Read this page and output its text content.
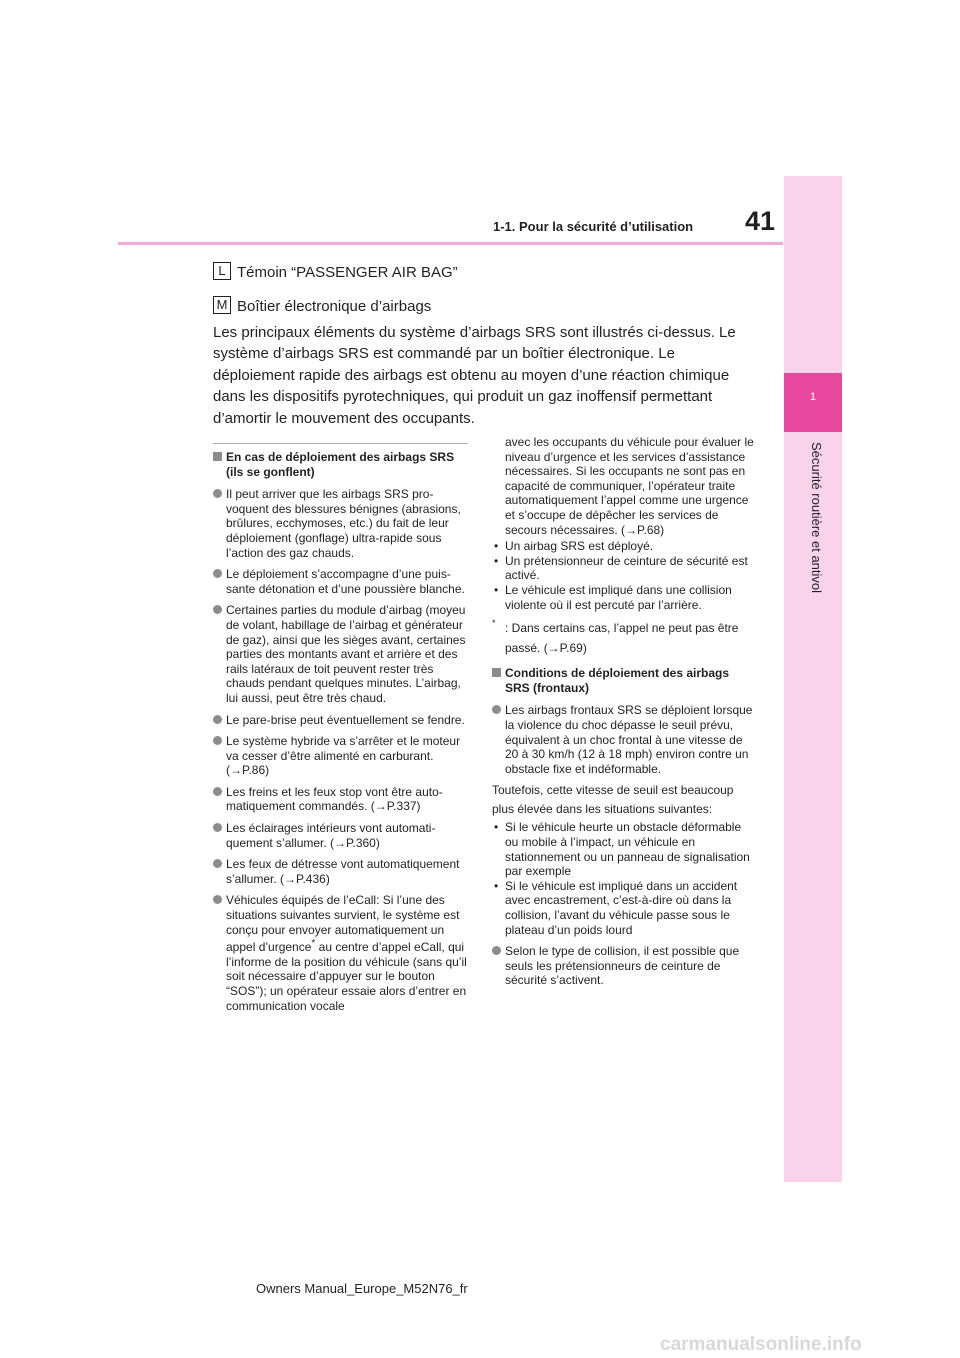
41
1-1. Pour la sécurité d’utilisation
1
Sécurité routière et antivol
L Témoin “PASSENGER AIR BAG”
M Boîtier électronique d’airbags
Les principaux éléments du système d’airbags SRS sont illustrés ci-dessus. Le système d’airbags SRS est commandé par un boîtier électronique. Le déploiement rapide des airbags est obtenu au moyen d’une réaction chimique dans les dispositifs pyrotechniques, qui produit un gaz inoffensif permettant d’amortir le mouvement des occupants.
En cas de déploiement des airbags SRS (ils se gonflent)
Il peut arriver que les airbags SRS provoquent des blessures bénignes (abrasions, brûlures, ecchymoses, etc.) du fait de leur déploiement (gonflage) ultra-rapide sous l’action des gaz chauds.
Le déploiement s’accompagne d’une puissante détonation et d’une poussière blanche.
Certaines parties du module d’airbag (moyeu de volant, habillage de l’airbag et générateur de gaz), ainsi que les sièges avant, certaines parties des montants avant et arrière et des rails latéraux de toit peuvent rester très chauds pendant quelques minutes. L’airbag, lui aussi, peut être très chaud.
Le pare-brise peut éventuellement se fendre.
Le système hybride va s’arrêter et le moteur va cesser d’être alimenté en carburant. (→P.86)
Les freins et les feux stop vont être automatiquement commandés. (→P.337)
Les éclairages intérieurs vont automatiquement s’allumer. (→P.360)
Les feux de détresse vont automatiquement s’allumer. (→P.436)
Véhicules équipés de l’eCall: Si l’une des situations suivantes survient, le système est conçu pour envoyer automatiquement un appel d’urgence* au centre d’appel eCall, qui l’informe de la position du véhicule (sans qu’il soit nécessaire d’appuyer sur le bouton “SOS”); un opérateur essaie alors d’entrer en communication vocale
avec les occupants du véhicule pour évaluer le niveau d’urgence et les services d’assistance nécessaires. Si les occupants ne sont pas en capacité de communiquer, l’opérateur traite automatiquement l’appel comme une urgence et s’occupe de dépêcher les services de secours nécessaires. (→P.68)
• Un airbag SRS est déployé.
• Un prétensionneur de ceinture de sécurité est activé.
• Le véhicule est impliqué dans une collision violente où il est percuté par l’arrière.
* : Dans certains cas, l’appel ne peut pas être passé. (→P.69)
Conditions de déploiement des airbags SRS (frontaux)
Les airbags frontaux SRS se déploient lorsque la violence du choc dépasse le seuil prévu, équivalent à un choc frontal à une vitesse de 20 à 30 km/h (12 à 18 mph) environ contre un obstacle fixe et indéformable.
Toutefois, cette vitesse de seuil est beaucoup
plus élevée dans les situations suivantes:
• Si le véhicule heurte un obstacle déformable ou mobile à l’impact, un véhicule en stationnement ou un panneau de signalisation par exemple
• Si le véhicule est impliqué dans un accident avec encastrement, c’est-à-dire où dans la collision, l’avant du véhicule passe sous le plateau d’un poids lourd
Selon le type de collision, il est possible que seuls les prétensionneurs de ceinture de sécurité s’activent.
Owners Manual_Europe_M52N76_fr
carmanualsonline.info
